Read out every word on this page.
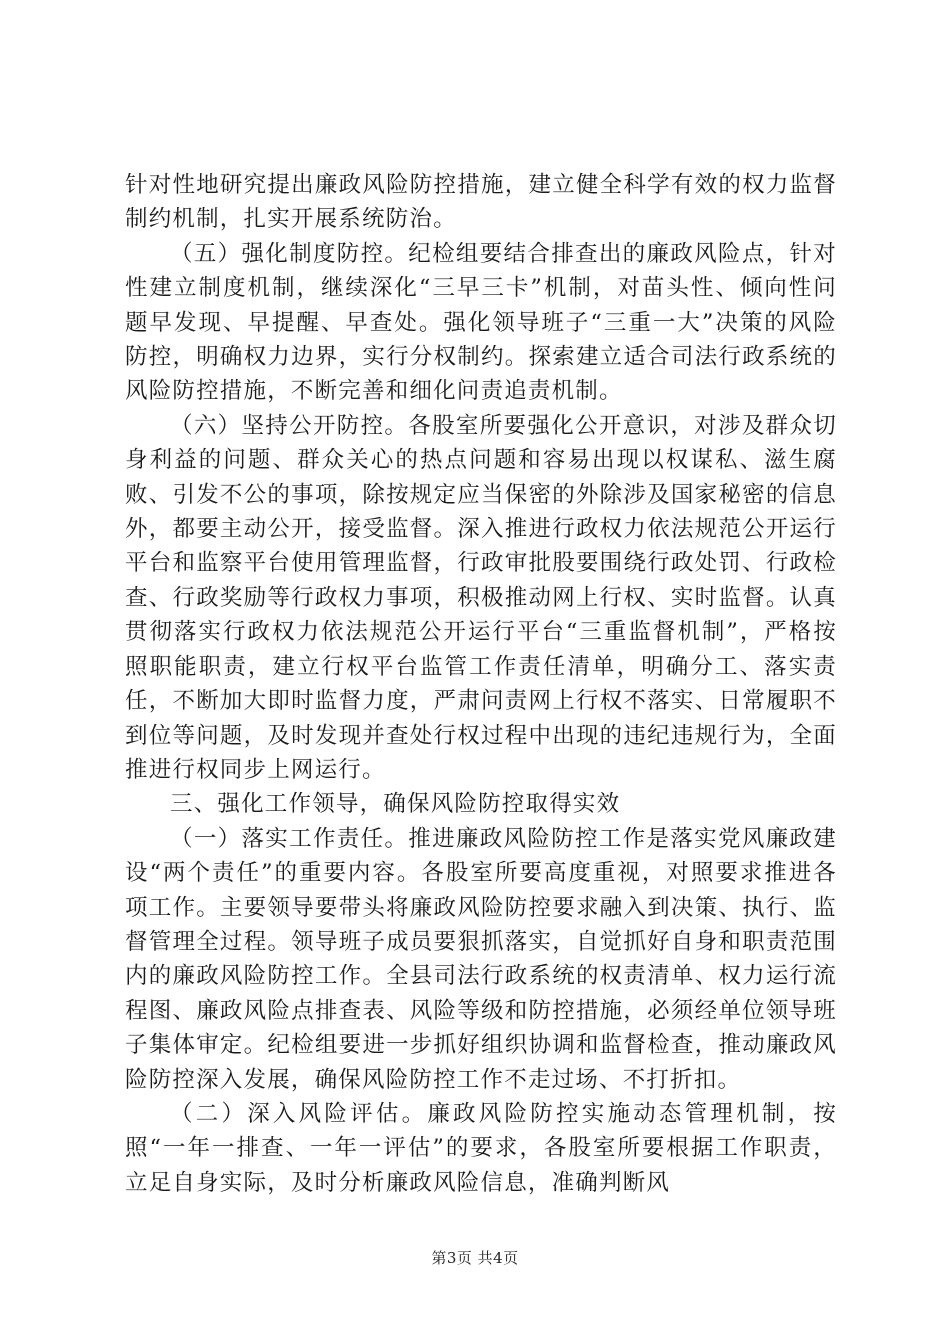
针对性地研究提出廉政风险防控措施，建立健全科学有效的权力监督制约机制，扎实开展系统防治。

（五）强化制度防控。纪检组要结合排查出的廉政风险点，针对性建立制度机制，继续深化“三早三卡”机制，对苗头性、倾向性问题早发现、早提醒、早查处。强化领导班子“三重一大”决策的风险防控，明确权力边界，实行分权制约。探索建立适合司法行政系统的风险防控措施，不断完善和细化问责追责机制。

（六）坚持公开防控。各股室所要强化公开意识，对涉及群众切身利益的问题、群众关心的热点问题和容易出现以权谋私、滋生腐败、引发不公的事项，除按规定应当保密的外除涉及国家秘密的信息外，都要主动公开，接受监督。深入推进行政权力依法规范公开运行平台和监察平台使用管理监督，行政审批股要围绕行政处罚、行政检查、行政奖励等行政权力事项，积极推动网上行权、实时监督。认真贯彻落实行政权力依法规范公开运行平台“三重监督机制”，严格按照职能职责，建立行权平台监管工作责任清单，明确分工、落实责任，不断加大即时监督力度，严肃问责网上行权不落实、日常履职不到位等问题，及时发现并查处行权过程中出现的违纪违规行为，全面推进行权同步上网运行。

三、强化工作领导，确保风险防控取得实效

（一）落实工作责任。推进廉政风险防控工作是落实党风廉政建设“两个责任”的重要内容。各股室所要高度重视，对照要求推进各项工作。主要领导要带头将廉政风险防控要求融入到决策、执行、监督管理全过程。领导班子成员要狠抓落实，自觉抓好自身和职责范围内的廉政风险防控工作。全县司法行政系统的权责清单、权力运行流程图、廉政风险点排查表、风险等级和防控措施，必须经单位领导班子集体审定。纪检组要进一步抓好组织协调和监督检查，推动廉政风险防控深入发展，确保风险防控工作不走过场、不打折扣。

（二）深入风险评估。廉政风险防控实施动态管理机制，按照“一年一排查、一年一评估”的要求，各股室所要根据工作职责，立足自身实际，及时分析廉政风险信息，准确判断风

第3页 共4页
